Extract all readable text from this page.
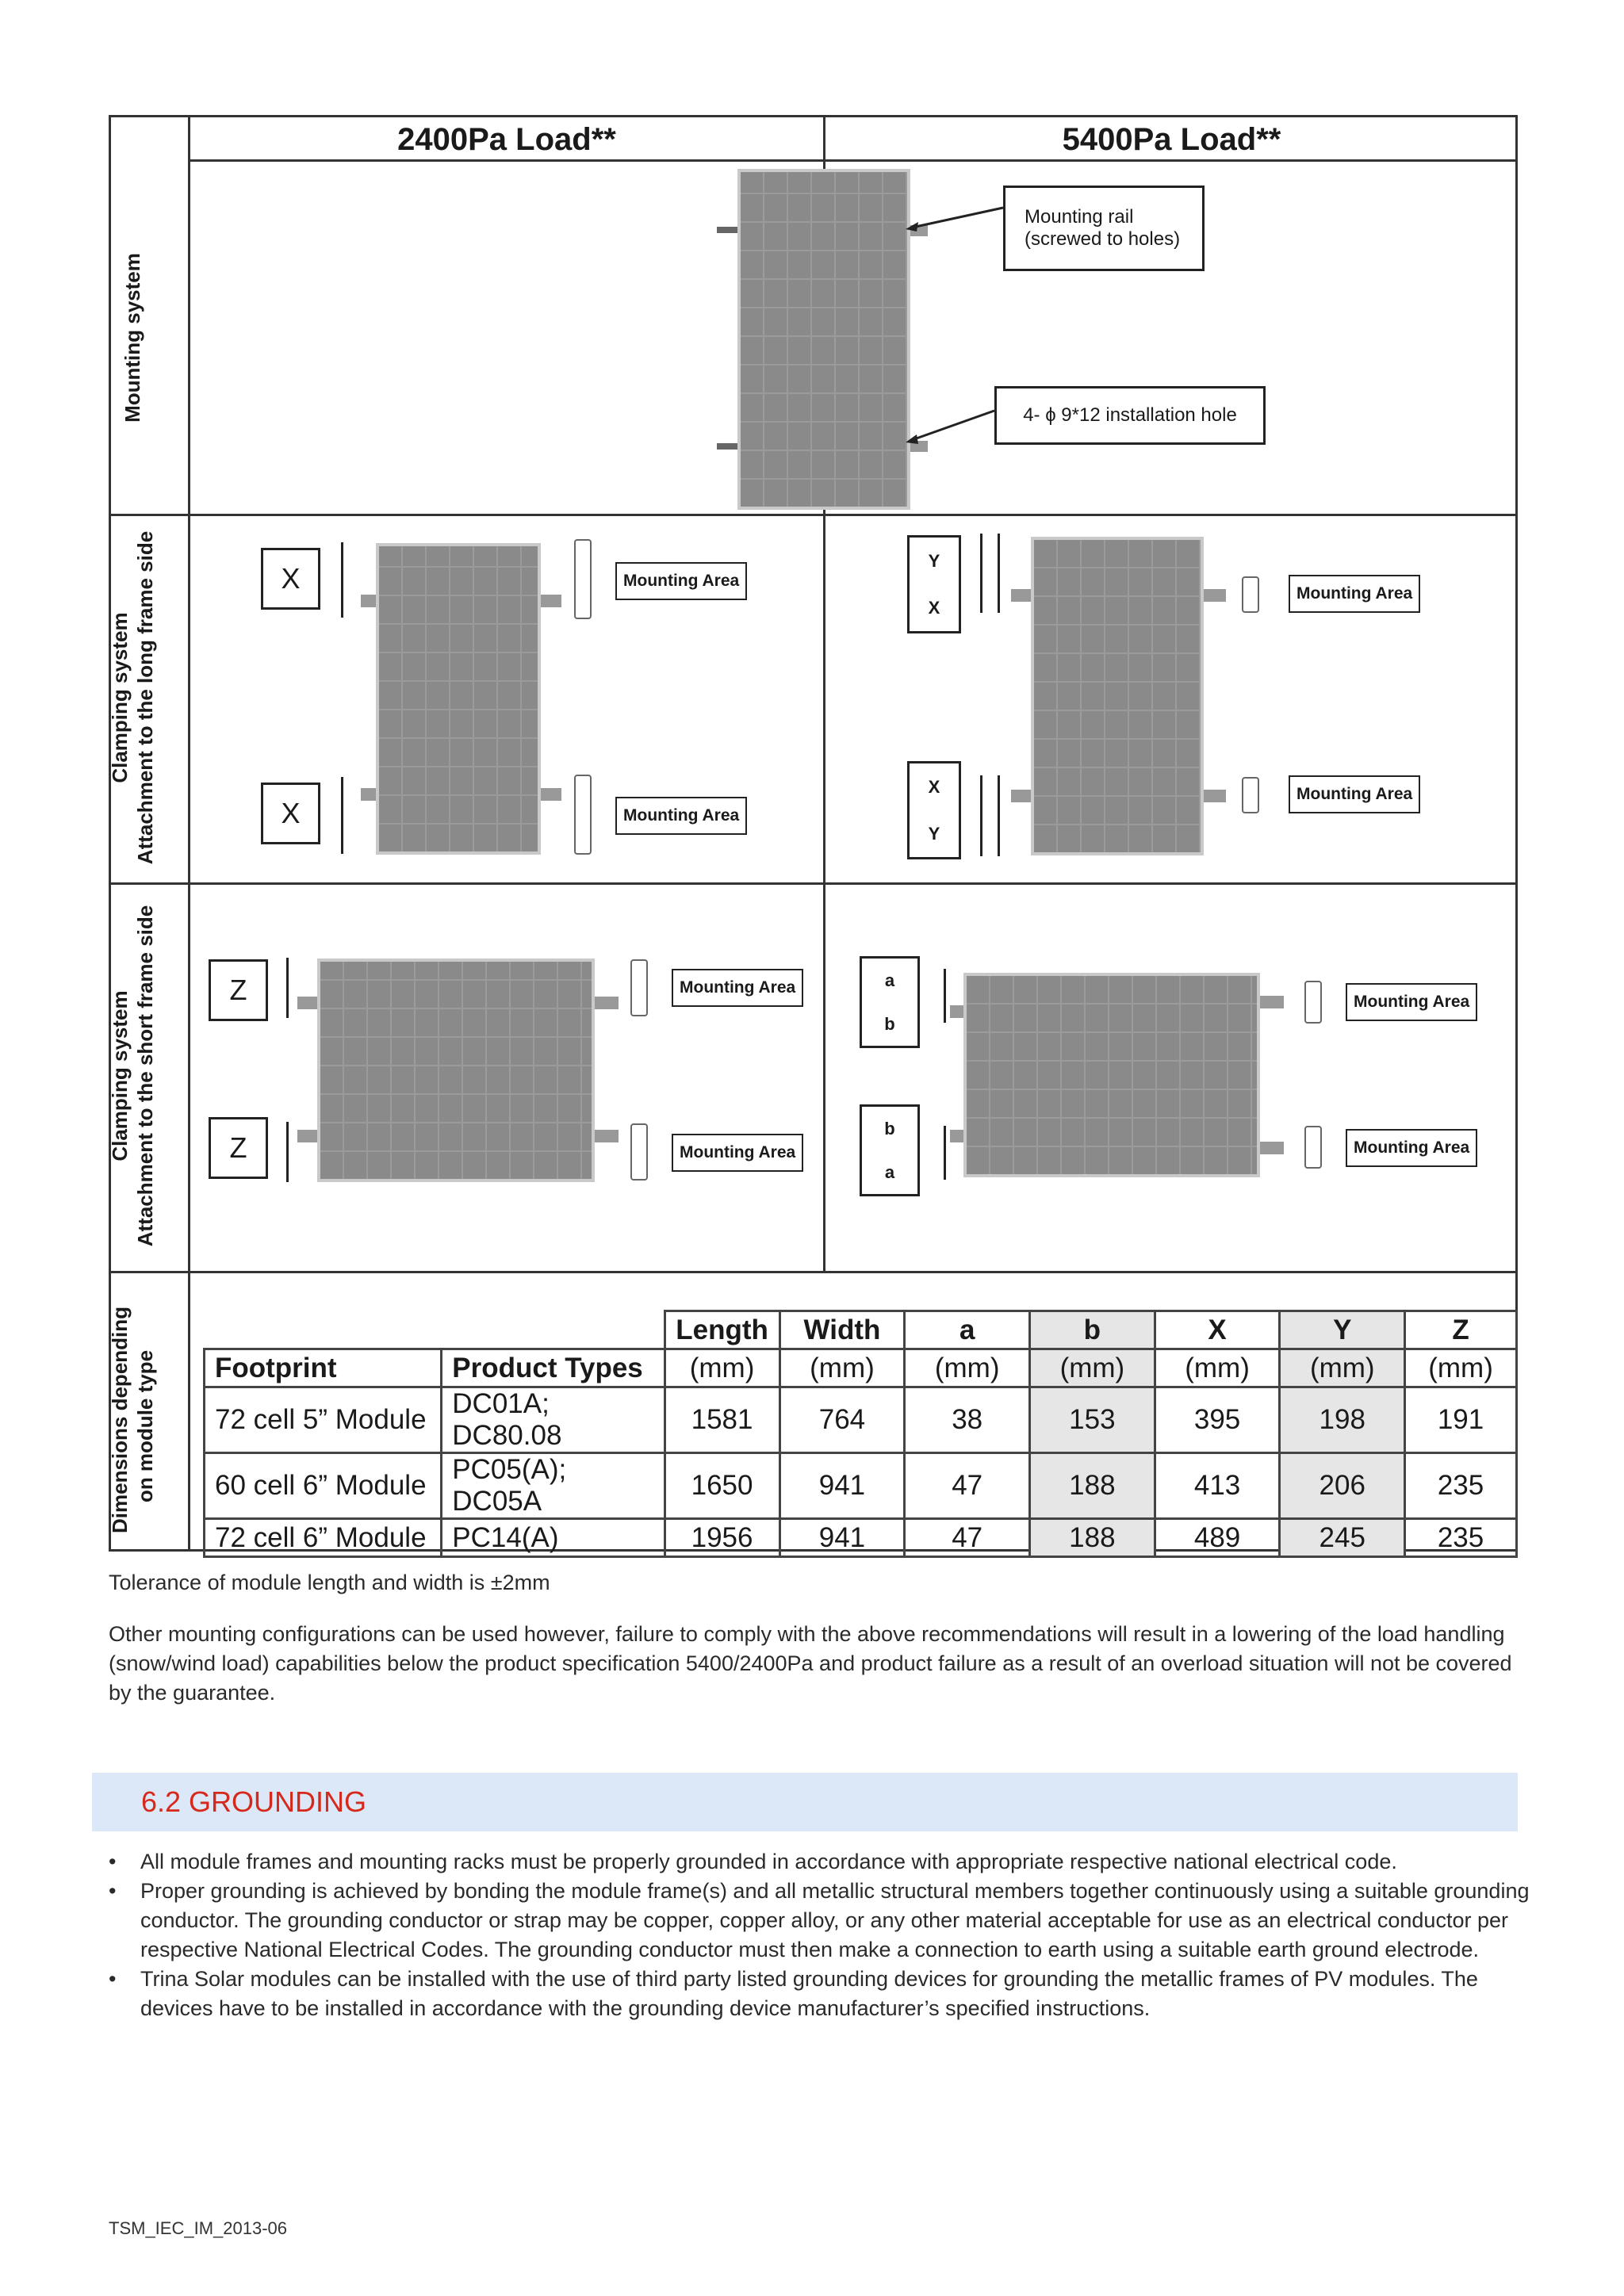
2400Pa Load**	5400Pa Load**
Mounting system
Clamping system Attachment to the long frame side
Clamping system Attachment to the short frame side
Dimensions depending on module type
Mounting rail
(screwed to holes)
4- ϕ 9*12 installation hole
X
X
Mounting Area
Mounting Area
Y
X
X
Y
Mounting Area
Mounting Area
Z
Z
Mounting Area
Mounting Area
a
b
b
a
Mounting Area
Mounting Area
		Length	Width	a	b	X	Y	Z
Footprint	Product Types	(mm)	(mm)	(mm)	(mm)	(mm)	(mm)	(mm)
72 cell 5” Module	DC01A; DC80.08	1581	764	38	153	395	198	191
60 cell 6” Module	PC05(A); DC05A	1650	941	47	188	413	206	235
72 cell 6” Module	PC14(A)	1956	941	47	188	489	245	235
Tolerance of module length and width is ±2mm
Other mounting configurations can be used however, failure to comply with the above recommendations will result in a lowering of the load handling (snow/wind load) capabilities below the product specification 5400/2400Pa and product failure as a result of an overload situation will not be covered by the guarantee.
6.2 GROUNDING
• All module frames and mounting racks must be properly grounded in accordance with appropriate respective national electrical code.
• Proper grounding is achieved by bonding the module frame(s) and all metallic structural members together continuously using a suitable grounding conductor. The grounding conductor or strap may be copper, copper alloy, or any other material acceptable for use as an electrical conductor per respective National Electrical Codes. The grounding conductor must then make a connection to earth using a suitable earth ground electrode.
• Trina Solar modules can be installed with the use of third party listed grounding devices for grounding the metallic frames of PV modules. The devices have to be installed in accordance with the grounding device manufacturer’s specified instructions.
TSM_IEC_IM_2013-06
